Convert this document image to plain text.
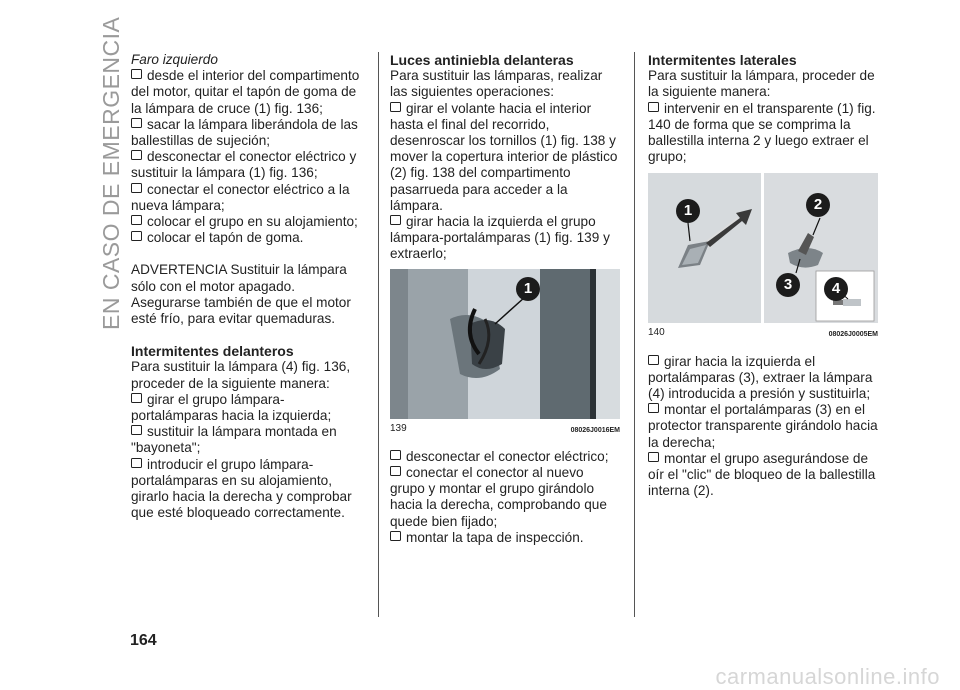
EN CASO DE EMERGENCIA Faro izquierdo
desde el interior del compartimento del motor, quitar el tapón de goma de la lámpara de cruce (1) fig. 136;
sacar la lámpara liberándola de las ballestillas de sujeción;
desconectar el conector eléctrico y sustituir la lámpara (1) fig. 136;
conectar el conector eléctrico a la nueva lámpara;
colocar el grupo en su alojamiento;
colocar el tapón de goma.
ADVERTENCIA Sustituir la lámpara sólo con el motor apagado. Asegurarse también de que el motor esté frío, para evitar quemaduras.
Intermitentes delanteros
Para sustituir la lámpara (4) fig. 136, proceder de la siguiente manera:
girar el grupo lámpara-portalámparas hacia la izquierda;
sustituir la lámpara montada en "bayoneta";
introducir el grupo lámpara-portalámparas en su alojamiento, girarlo hacia la derecha y comprobar que esté bloqueado correctamente.
Luces antiniebla delanteras
Para sustituir las lámparas, realizar las siguientes operaciones:
girar el volante hacia el interior hasta el final del recorrido, desenroscar los tornillos (1) fig. 138 y mover la copertura interior de plástico (2) fig. 138 del compartimento pasarrueda para acceder a la lámpara.
girar hacia la izquierda el grupo lámpara-portalámparas (1) fig. 139 y extraerlo;
1
139	08026J0016EM
desconectar el conector eléctrico;
conectar el conector al nuevo grupo y montar el grupo girándolo hacia la derecha, comprobando que quede bien fijado;
montar la tapa de inspección.
Intermitentes laterales
Para sustituir la lámpara, proceder de la siguiente manera:
intervenir en el transparente (1) fig. 140 de forma que se comprima la ballestilla interna 2 y luego extraer el grupo;
1	2
3	4
140	08026J0005EM
girar hacia la izquierda el portalámparas (3), extraer la lámpara (4) introducida a presión y sustituirla;
montar el portalámparas (3) en el protector transparente girándolo hacia la derecha;
montar el grupo asegurándose de oír el "clic" de bloqueo de la ballestilla interna (2).
164
carmanualsonline.info
